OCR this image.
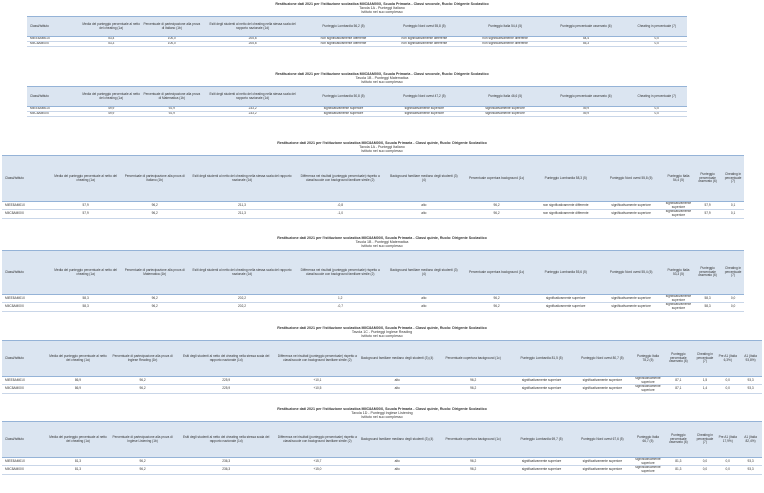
Restituzione dati 2021 per l'istituzione scolastica MIIC8AM00X, Scuola Primaria - Classi seconde, Ruolo: Dirigente Scolastico
Tavola 1A - Punteggi Italiano
Istituto nel suo complesso
Classi/Istituto	Media del punteggio percentuale al netto del cheating (1a)	Percentuale di partecipazione alla prova di Italiano (1b)	Esiti degli studenti al netto del cheating nella stessa scala del rapporto nazionale (1d)	Punteggio Lombardia 56,2 (5)	Punteggio Nord ovest 55,8 (5)	Punteggio Italia 54,4 (5)	Punteggio percentuale osservato (6)	Cheating in percentuale (7)
MIEE8AM01X	53,4	100,0	205,6	non significativamente differente	non significativamente differente	non significativamente differente	54,4	0,0
MIIC8AM00X	53,3	100,0	205,6	non significativamente differente	non significativamente differente	non significativamente differente	55,3	0,0
Restituzione dati 2021 per l'istituzione scolastica MIIC8AM00X, Scuola Primaria - Classi seconde, Ruolo: Dirigente Scolastico
Tavola 1B - Punteggi Matematica
Istituto nel suo complesso
Classi/Istituto	Media del punteggio percentuale al netto del cheating (1a)	Percentuale di partecipazione alla prova di Matematica (1b)	Esiti degli studenti al netto del cheating nella stessa scala del rapporto nazionale (1d)	Punteggio Lombardia 50,8 (5)	Punteggio Nord ovest 47,2 (5)	Punteggio Italia 46,6 (5)	Punteggio percentuale osservato (6)	Cheating in percentuale (7)
MIEE8AM01X	49,9	92,9	233,2	significativamente superiore	significativamente superiore	significativamente superiore	49,9	0,0
MIIC8AM00X	49,9	92,9	233,2	significativamente superiore	significativamente superiore	significativamente superiore	49,9	0,0
Restituzione dati 2021 per l'istituzione scolastica MIIC8AM00X, Scuola Primaria - Classi quinte, Ruolo: Dirigente Scolastico
Tavola 1A - Punteggi Italiano
Istituto nel suo complesso
Classi/Istituto	Media del punteggio percentuale al netto del cheating (1a)	Percentuale di partecipazione alla prova di Italiano (1b)	Esiti degli studenti al netto del cheating nella stessa scala del rapporto nazionale (1d)	Differenza nei risultati (punteggio percentuale) rispetto a classi/scuole con background familiare simile (2)	Background familiare mediano degli studenti (3) (4)	Percentuale copertura background (1c)	Punteggio Lombardia 58,3 (5)	Punteggio Nord ovest 55,8 (5)	Punteggio Italia 54,4 (5)	Punteggio percentuale osservato (6)	Cheating in percentuale (7)
MIEE8AM01X	57,9	96,2	211,3	-0,8	alto	96,2	non significativamente differente	significativamente superiore	significativamente superiore	57,9	0,1
MIIC8AM00X	57,9	96,2	211,3	-1,0	alto	96,2	non significativamente differente	significativamente superiore	significativamente superiore	57,9	0,1
Restituzione dati 2021 per l'istituzione scolastica MIIC8AM00X, Scuola Primaria - Classi quinte, Ruolo: Dirigente Scolastico
Tavola 1B - Punteggi Matematica
Istituto nel suo complesso
Classi/Istituto	Media del punteggio percentuale al netto del cheating (1a)	Percentuale di partecipazione alla prova di Matematica (1b)	Esiti degli studenti al netto del cheating nella stessa scala del rapporto nazionale (1d)	Differenza nei risultati (punteggio percentuale) rispetto a classi/scuole con background familiare simile (2)	Background familiare mediano degli studenti (3) (4)	Percentuale copertura background (1c)	Punteggio Lombardia 55,6 (5)	Punteggio Nord ovest 55,4 (5)	Punteggio Italia 53,3 (5)	Punteggio percentuale osservato (6)	Cheating in percentuale (7)
MIEE8AM01X	58,3	96,2	202,2	1,2	alto	96,2	significativamente superiore	significativamente superiore	significativamente superiore	58,3	0,0
MIIC8AM00X	58,3	96,2	202,2	-0,7	alto	96,2	significativamente superiore	significativamente superiore	significativamente superiore	58,3	0,0
Restituzione dati 2021 per l'istituzione scolastica MIIC8AM00X, Scuola Primaria - Classi quinte, Ruolo: Dirigente Scolastico
Tavola 1C - Punteggi Inglese Reading
Istituto nel suo complesso
Classi/Istituto	Media del punteggio percentuale al netto del cheating (1a)	Percentuale di partecipazione alla prova di Inglese Reading (1b)	Esiti degli studenti al netto del cheating nella stessa scala del rapporto nazionale (1d)	Differenza nei risultati (punteggio percentuale) rispetto a classi/scuole con background familiare simile (2)	Background familiare mediano degli studenti (3) (4)	Percentuale copertura background (1c)	Punteggio Lombardia 81,5 (5)	Punteggio Nord ovest 80,7 (5)	Punteggio Italia 78,2 (5)	Punteggio percentuale osservato (6)	Cheating in percentuale (7)	Pre A1 (Italia 6,3%)	A1 (Italia 93,8%)
MIEE8AM01X	86,9	96,2	225,9	+10,1	alto	96,2	significativamente superiore	significativamente superiore	significativamente superiore	87,1	1,5	0,0	93,3
MIIC8AM00X	86,9	96,2	225,9	+10,5	alto	96,2	significativamente superiore	significativamente superiore	significativamente superiore	87,1	1,4	0,0	93,3
Restituzione dati 2021 per l'istituzione scolastica MIIC8AM00X, Scuola Primaria - Classi quinte, Ruolo: Dirigente Scolastico
Tavola 1D - Punteggi Inglese Listening
Istituto nel suo complesso
Classi/Istituto	Media del punteggio percentuale al netto del cheating (1a)	Percentuale di partecipazione alla prova di Inglese Listening (1b)	Esiti degli studenti al netto del cheating nella stessa scala del rapporto nazionale (1d)	Differenza nei risultati (punteggio percentuale) rispetto a classi/scuole con background familiare simile (2)	Background familiare mediano degli studenti (3) (4)	Percentuale copertura background (1c)	Punteggio Lombardia 69,7 (5)	Punteggio Nord ovest 67,6 (5)	Punteggio Italia 66,7 (5)	Punteggio percentuale osservato (6)	Cheating in percentuale (7)	Pre A1 (Italia 17,9%)	A1 (Italia 82,4%)
MIEE8AM01X	81,3	96,2	236,3	+15,7	alto	96,2	significativamente superiore	significativamente superiore	significativamente superiore	81,3	0,0	0,0	93,3
MIIC8AM00X	81,3	96,2	236,3	+15,0	alto	96,2	significativamente superiore	significativamente superiore	significativamente superiore	81,3	0,0	0,0	93,3
